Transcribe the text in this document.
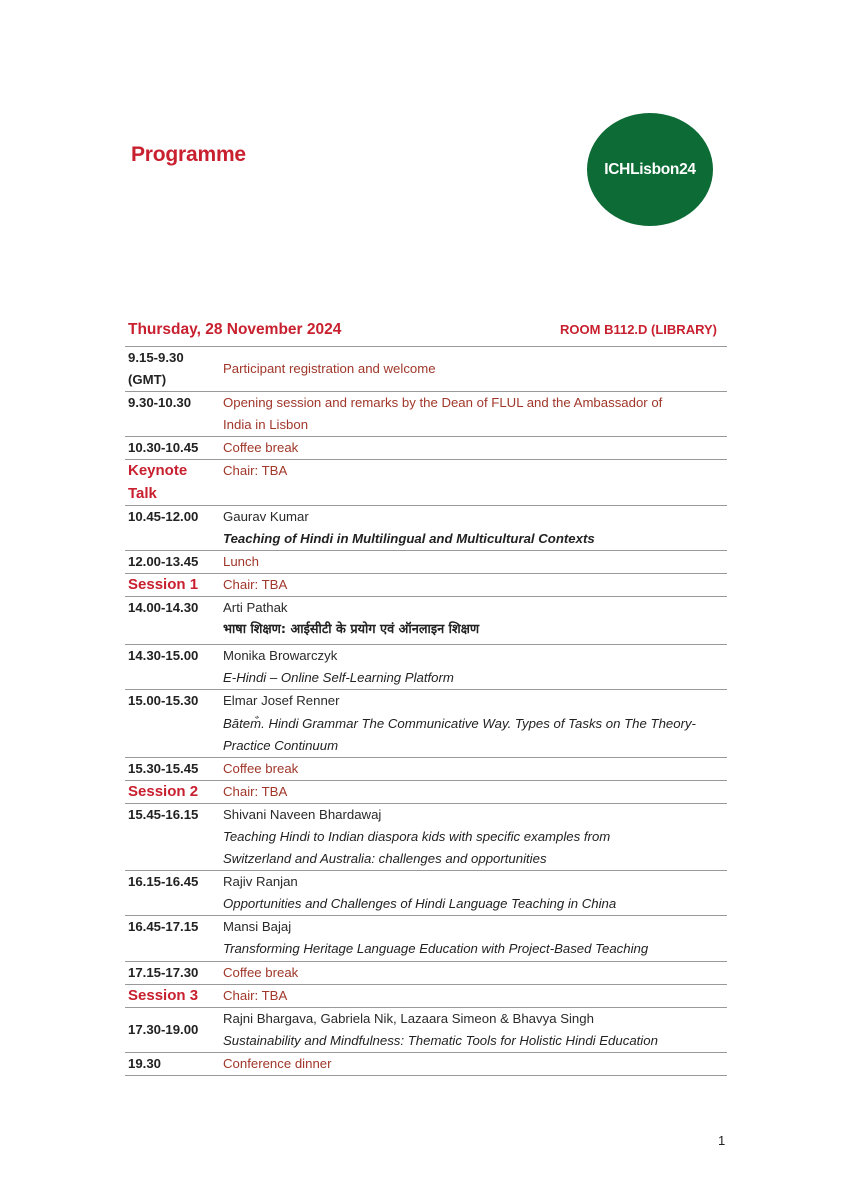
Programme
ICHLisbon24
Thursday, 28 November 2024	ROOM B112.D (LIBRARY)
9.15-9.30
(GMT)	Participant registration and welcome
9.30-10.30	Opening session and remarks by the Dean of FLUL and the Ambassador of
India in Lisbon

10.30-10.45	Coffee break

Keynote
Talk	Chair: TBA
10.45-12.00	Gaurav Kumar
Teaching of Hindi in Multilingual and Multicultural Contexts

12.00-13.45	Lunch
Session 1	Chair: TBA
14.00-14.30	Arti Pathak
भाषा शिक्षण: आईसीटी के प्रयोग एवं ऑनलाइन शिक्षण

14.30-15.00	Monika Browarczyk
E-Hindi – Online Self-Learning Platform

15.00-15.30	Elmar Josef Renner
Bātem̐. Hindi Grammar The Communicative Way. Types of Tasks on The Theory-
Practice Continuum

15.30-15.45	Coffee break
Session 2	Chair: TBA
15.45-16.15	Shivani Naveen Bhardawaj
Teaching Hindi to Indian diaspora kids with specific examples from
Switzerland and Australia: challenges and opportunities

16.15-16.45	Rajiv Ranjan
Opportunities and Challenges of Hindi Language Teaching in China

16.45-17.15	Mansi Bajaj
Transforming Heritage Language Education with Project-Based Teaching

17.15-17.30	Coffee break
Session 3	Chair: TBA
17.30-19.00	Rajni Bhargava, Gabriela Nik, Lazaara Simeon & Bhavya Singh
Sustainability and Mindfulness: Thematic Tools for Holistic Hindi Education

19.30	Conference dinner
1
